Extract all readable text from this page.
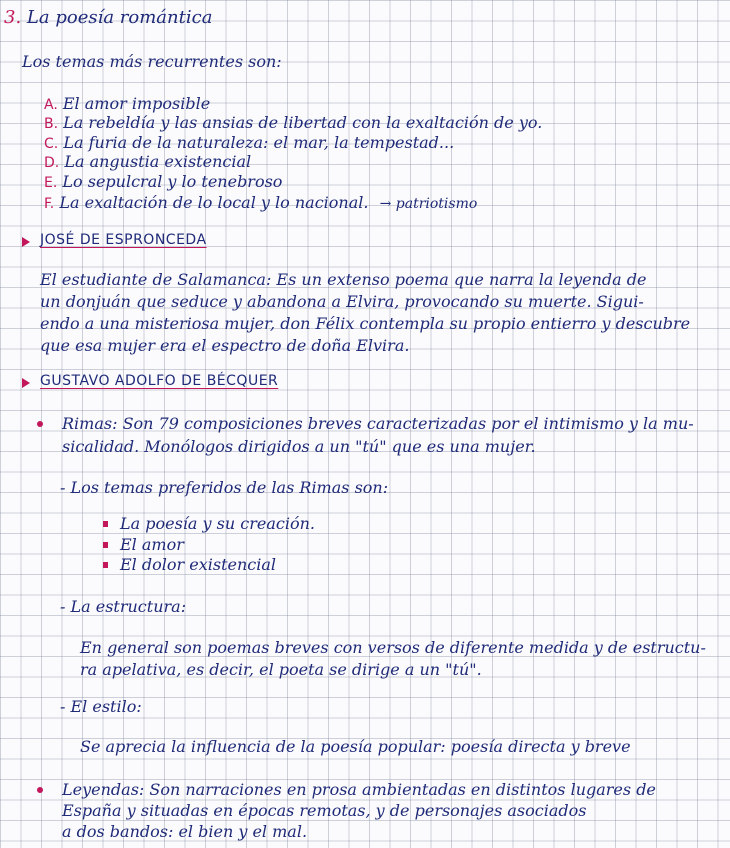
3. La poesía romántica
Los temas más recurrentes son:
A. El amor imposible
B. La rebeldía y las ansias de libertad con la exaltación de yo.
C. La furia de la naturaleza: el mar, la tempestad...
D. La angustia existencial
E. Lo sepulcral y lo tenebroso
F. La exaltación de lo local y lo nacional. → patriotismo
JOSÉ DE ESPRONCEDA
El estudiante de Salamanca: Es un extenso poema que narra la leyenda de
un donjuán que seduce y abandona a Elvira, provocando su muerte. Sigui-
endo a una misteriosa mujer, don Félix contempla su propio entierro y descubre
que esa mujer era el espectro de doña Elvira.
GUSTAVO ADOLFO DE BÉCQUER
Rimas: Son 79 composiciones breves caracterizadas por el intimismo y la mu-
sicalidad. Monólogos dirigidos a un "tú" que es una mujer.
- Los temas preferidos de las Rimas son:
La poesía y su creación.
El amor
El dolor existencial
- La estructura:
En general son poemas breves con versos de diferente medida y de estructu-
ra apelativa, es decir, el poeta se dirige a un "tú".
- El estilo:
Se aprecia la influencia de la poesía popular: poesía directa y breve
Leyendas: Son narraciones en prosa ambientadas en distintos lugares de
España y situadas en épocas remotas, y de personajes asociados
a dos bandos: el bien y el mal.
